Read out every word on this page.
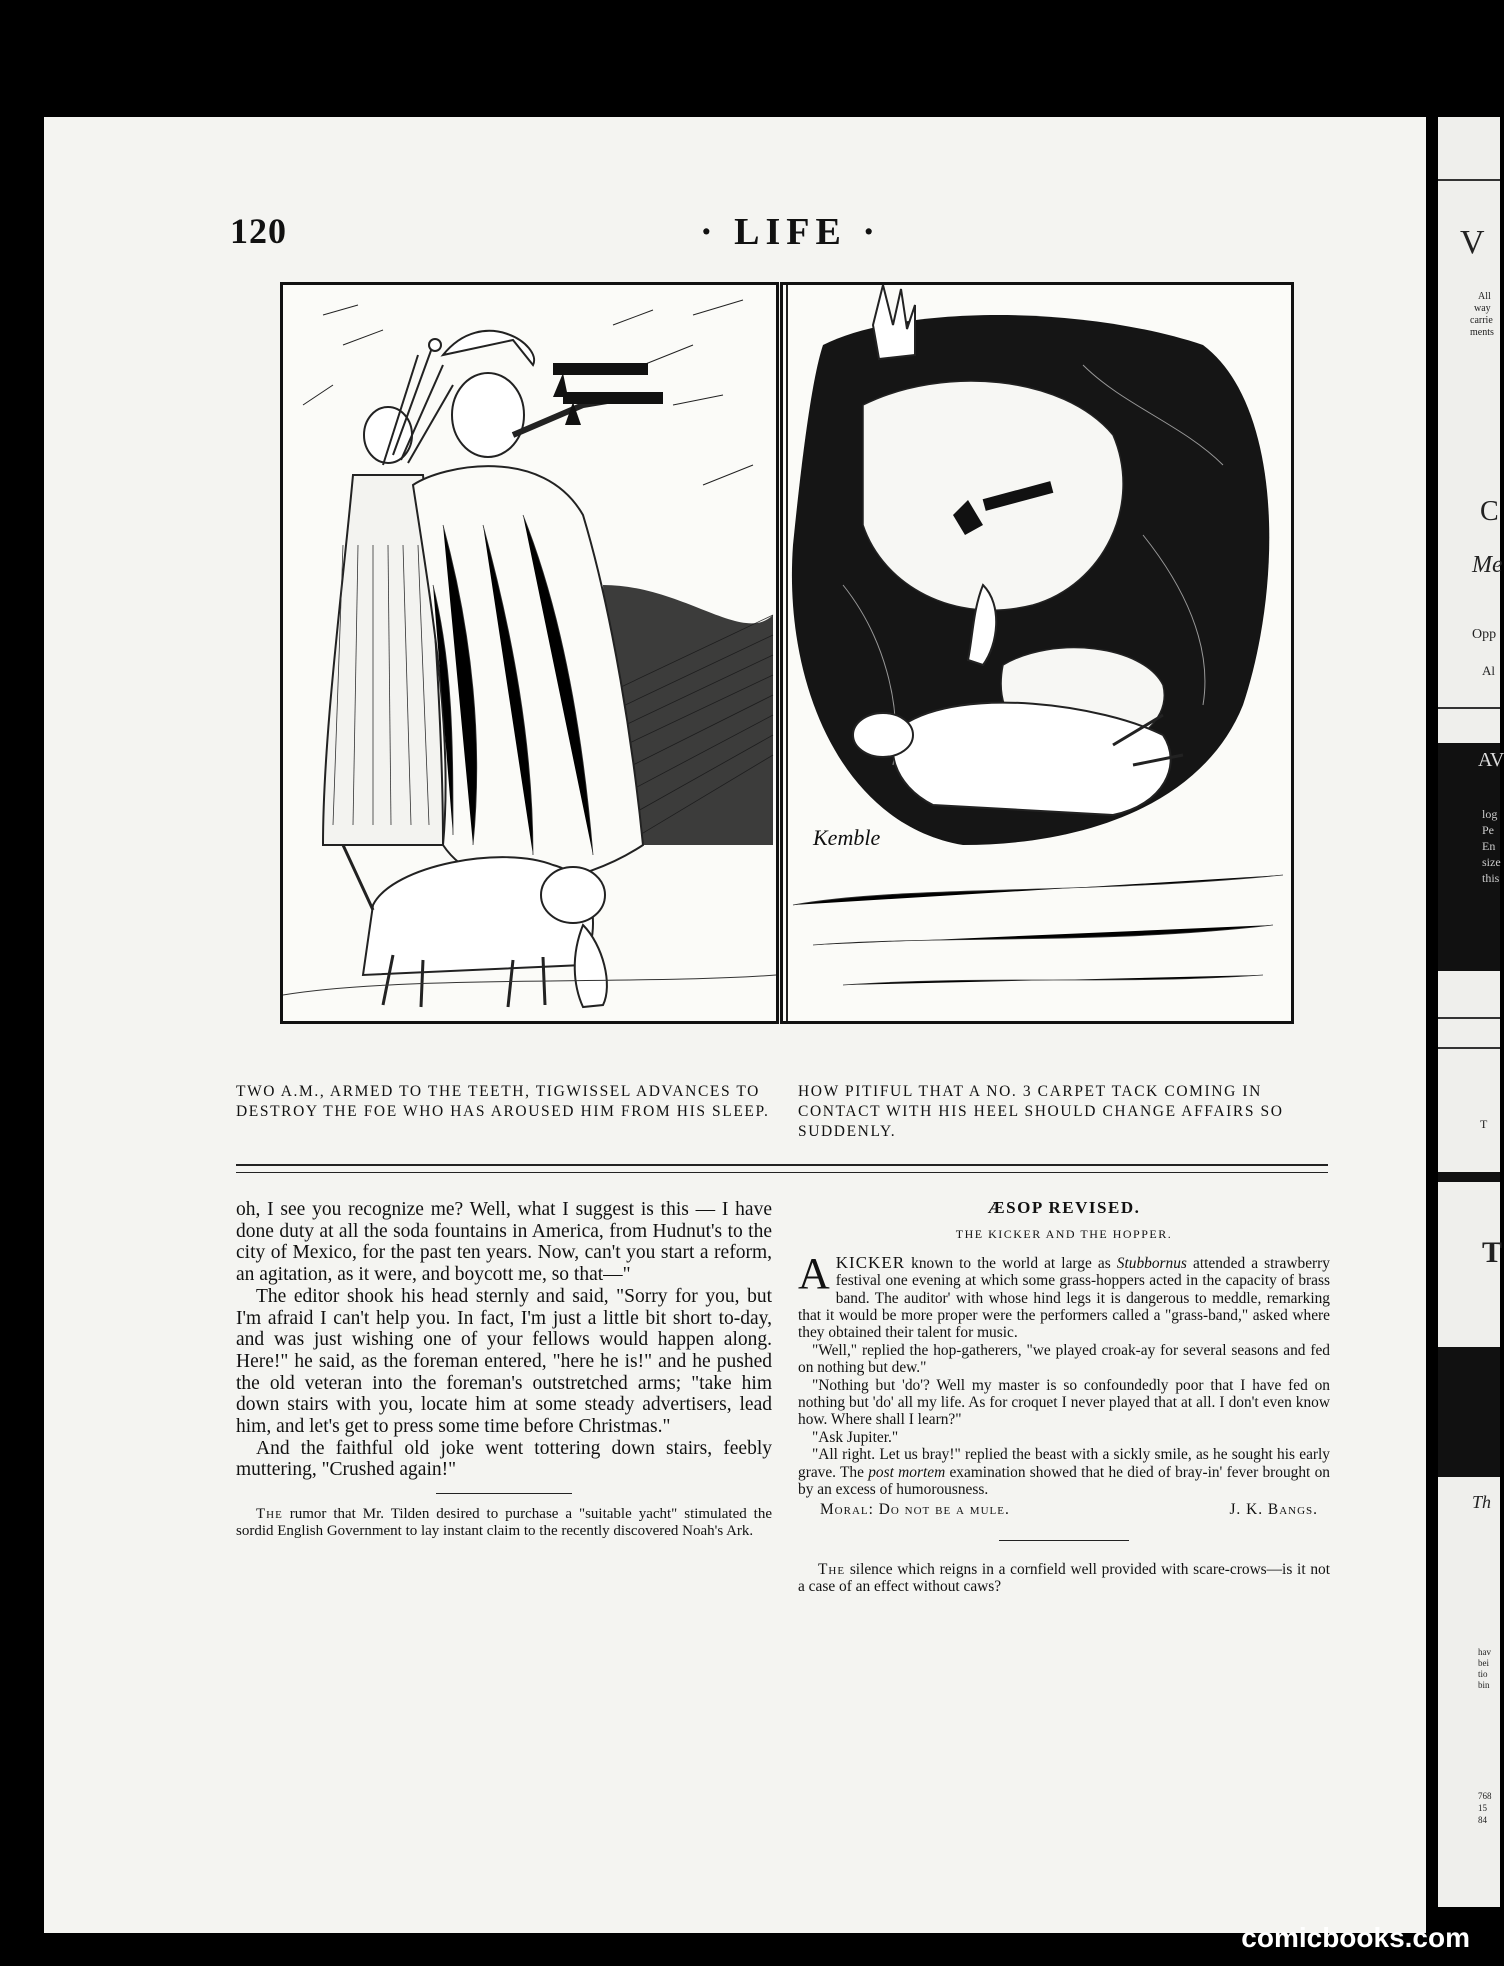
V
All
way
carrie
ments
C
Me
Opp
Al
AV
log
Pe
En
size
this
T
T
Th
hav
bei
tio
bin
768
15
84
120	· LIFE ·
Kemble
TWO A.M., ARMED TO THE TEETH, TIGWISSEL ADVANCES TO DESTROY THE FOE WHO HAS AROUSED HIM FROM HIS SLEEP.
HOW PITIFUL THAT A NO. 3 CARPET TACK COMING IN CONTACT WITH HIS HEEL SHOULD CHANGE AFFAIRS SO SUDDENLY.

oh, I see you recognize me? Well, what I suggest is this — I have done duty at all the soda fountains in America, from Hudnut's to the city of Mexico, for the past ten years. Now, can't you start a reform, an agitation, as it were, and boycott me, so that—"

The editor shook his head sternly and said, "Sorry for you, but I'm afraid I can't help you. In fact, I'm just a little bit short to-day, and was just wishing one of your fellows would happen along. Here!" he said, as the foreman entered, "here he is!" and he pushed the old veteran into the foreman's outstretched arms; "take him down stairs with you, locate him at some steady advertisers, lead him, and let's get to press some time before Christmas."

And the faithful old joke went tottering down stairs, feebly muttering, "Crushed again!"

The rumor that Mr. Tilden desired to purchase a "suitable yacht" stimulated the sordid English Government to lay instant claim to the recently discovered Noah's Ark.

ÆSOP REVISED.

THE KICKER AND THE HOPPER.

AKICKER known to the world at large as Stubbornus attended a strawberry festival one evening at which some grass-hoppers acted in the capacity of brass band. The auditor' with whose hind legs it is dangerous to meddle, remarking that it would be more proper were the performers called a "grass-band," asked where they obtained their talent for music.

"Well," replied the hop-gatherers, "we played croak-ay for several seasons and fed on nothing but dew."

"Nothing but 'do'? Well my master is so confoundedly poor that I have fed on nothing but 'do' all my life. As for croquet I never played that at all. I don't even know how. Where shall I learn?"

"Ask Jupiter."

"All right. Let us bray!" replied the beast with a sickly smile, as he sought his early grave. The post mortem examination showed that he died of bray-in' fever brought on by an excess of humorousness.

Moral: Do not be a mule.	J. K. Bangs.

The silence which reigns in a cornfield well provided with scare-crows—is it not a case of an effect without caws?

comicbooks.com
